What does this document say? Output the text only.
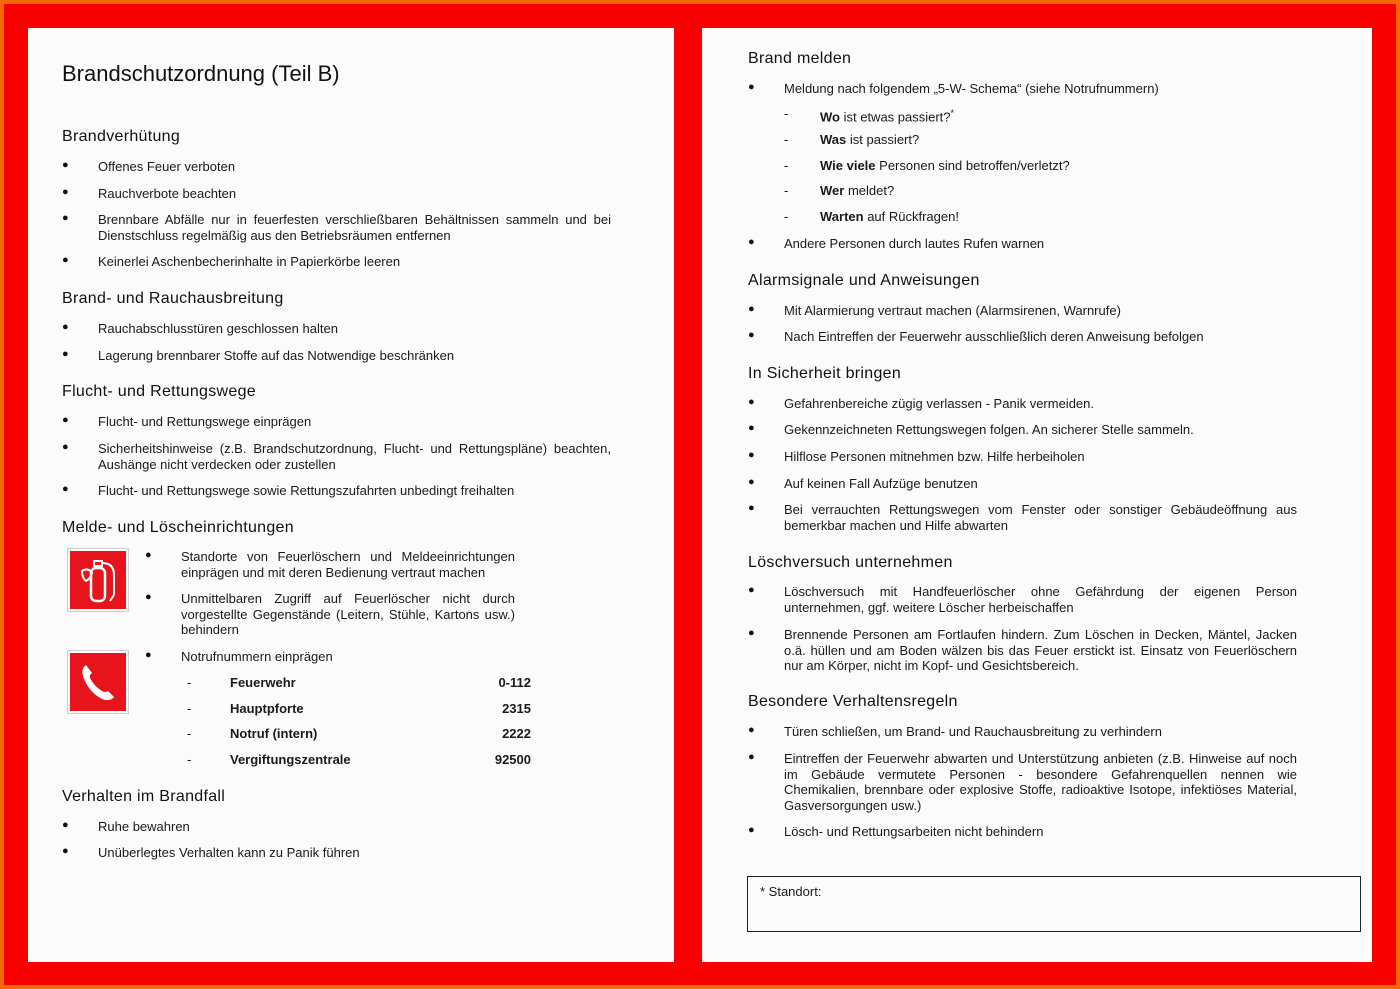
Brandschutzordnung (Teil B)
Brandverhütung
● Offenes Feuer verboten
● Rauchverbote beachten
● Brennbare Abfälle nur in feuerfesten verschließbaren Behältnissen sammeln und bei Dienstschluss regelmäßig aus den Betriebsräumen entfernen
● Keinerlei Aschenbecherinhalte in Papierkörbe leeren
Brand- und Rauchausbreitung
● Rauchabschlusstüren geschlossen halten
● Lagerung brennbarer Stoffe auf das Notwendige beschränken
Flucht- und Rettungswege
● Flucht- und Rettungswege einprägen
● Sicherheitshinweise (z.B. Brandschutzordnung, Flucht- und Rettungspläne) beachten, Aushänge nicht verdecken oder zustellen
● Flucht- und Rettungswege sowie Rettungszufahrten unbedingt freihalten
Melde- und Löscheinrichtungen
● Standorte von Feuerlöschern und Meldeeinrichtungen einprägen und mit deren Bedienung vertraut machen
● Unmittelbaren Zugriff auf Feuerlöscher nicht durch vorgestellte Gegenstände (Leitern, Stühle, Kartons usw.) behindern
● Notrufnummern einprägen
-	Feuerwehr	0-112
-	Hauptpforte	2315
-	Notruf (intern)	2222
-	Vergiftungszentrale	92500
Verhalten im Brandfall
● Ruhe bewahren
● Unüberlegtes Verhalten kann zu Panik führen
Brand melden
● Meldung nach folgendem „5-W- Schema“ (siehe Notrufnummern)
- Wo ist etwas passiert?*
- Was ist passiert?
- Wie viele Personen sind betroffen/verletzt?
- Wer meldet?
- Warten auf Rückfragen!
● Andere Personen durch lautes Rufen warnen
Alarmsignale und Anweisungen
● Mit Alarmierung vertraut machen (Alarmsirenen, Warnrufe)
● Nach Eintreffen der Feuerwehr ausschließlich deren Anweisung befolgen
In Sicherheit bringen
● Gefahrenbereiche zügig verlassen - Panik vermeiden.
● Gekennzeichneten Rettungswegen folgen. An sicherer Stelle sammeln.
● Hilflose Personen mitnehmen bzw. Hilfe herbeiholen
● Auf keinen Fall Aufzüge benutzen
● Bei verrauchten Rettungswegen vom Fenster oder sonstiger Gebäudeöffnung aus bemerkbar machen und Hilfe abwarten
Löschversuch unternehmen
● Löschversuch mit Handfeuerlöscher ohne Gefährdung der eigenen Person unternehmen, ggf. weitere Löscher herbeischaffen
● Brennende Personen am Fortlaufen hindern. Zum Löschen in Decken, Mäntel, Jacken o.ä. hüllen und am Boden wälzen bis das Feuer erstickt ist. Einsatz von Feuerlöschern nur am Körper, nicht im Kopf- und Gesichtsbereich.
Besondere Verhaltensregeln
● Türen schließen, um Brand- und Rauchausbreitung zu verhindern
● Eintreffen der Feuerwehr abwarten und Unterstützung anbieten (z.B. Hinweise auf noch im Gebäude vermutete Personen - besondere Gefahrenquellen nennen wie Chemikalien, brennbare oder explosive Stoffe, radioaktive Isotope, infektiöses Material, Gasversorgungen usw.)
● Lösch- und Rettungsarbeiten nicht behindern
* Standort:
